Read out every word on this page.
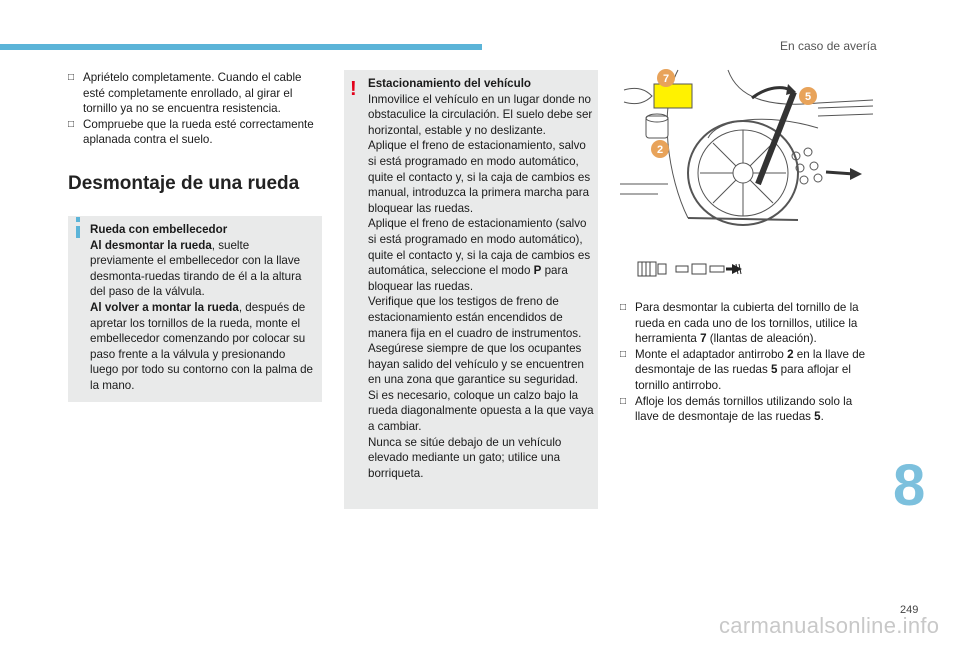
En caso de avería

□ Apriételo completamente. Cuando el cable esté completamente enrollado, al girar el tornillo ya no se encuentra resistencia.

□ Compruebe que la rueda esté correctamente aplanada contra el suelo.

Desmontaje de una rueda

Rueda con embellecedor

Al desmontar la rueda, suelte previamente el embellecedor con la llave desmonta-ruedas tirando de él a la altura del paso de la válvula.

Al volver a montar la rueda, después de apretar los tornillos de la rueda, monte el embellecedor comenzando por colocar su paso frente a la válvula y presionando luego por todo su contorno con la palma de la mano.

! Estacionamiento del vehículo

Inmovilice el vehículo en un lugar donde no obstaculice la circulación. El suelo debe ser horizontal, estable y no deslizante.

Aplique el freno de estacionamiento, salvo si está programado en modo automático, quite el contacto y, si la caja de cambios es manual, introduzca la primera marcha para bloquear las ruedas.

Aplique el freno de estacionamiento (salvo si está programado en modo automático), quite el contacto y, si la caja de cambios es automática, seleccione el modo P para bloquear las ruedas.

Verifique que los testigos de freno de estacionamiento están encendidos de manera fija en el cuadro de instrumentos.

Asegúrese siempre de que los ocupantes hayan salido del vehículo y se encuentren en una zona que garantice su seguridad.

Si es necesario, coloque un calzo bajo la rueda diagonalmente opuesta a la que vaya a cambiar.

Nunca se sitúe debajo de un vehículo elevado mediante un gato; utilice una borriqueta.

7
5
2

□ Para desmontar la cubierta del tornillo de la rueda en cada uno de los tornillos, utilice la herramienta 7 (llantas de aleación).

□ Monte el adaptador antirrobo 2 en la llave de desmontaje de las ruedas 5 para aflojar el tornillo antirrobo.

□ Afloje los demás tornillos utilizando solo la llave de desmontaje de las ruedas 5.

8
249
carmanualsonline.info
